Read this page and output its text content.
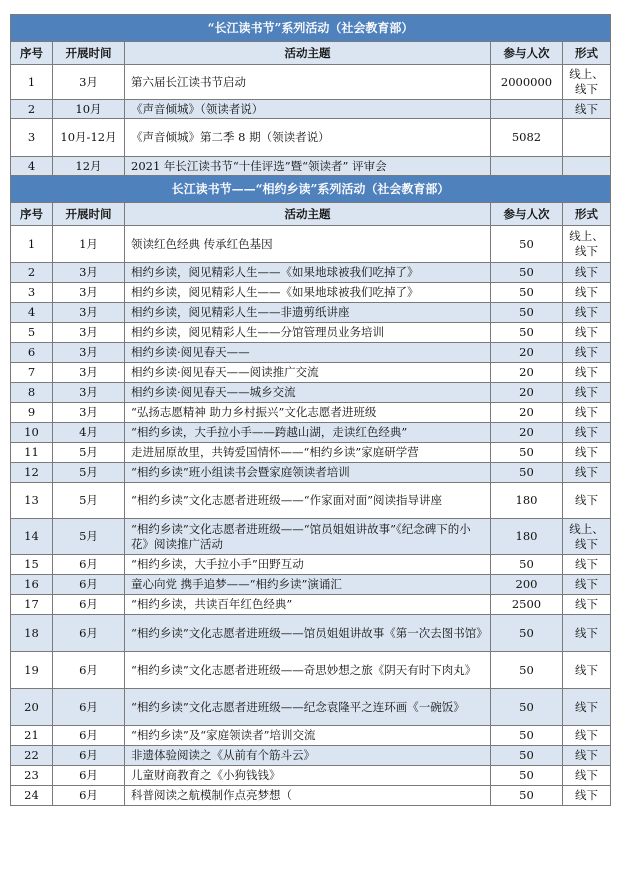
“长江读书节”系列活动（社会教育部）				
序号	开展时间	活动主题	参与人次	形式
1	3月	第六届长江读书节启动	2000000	线上、线下
2	10月	《声音倾城》（领读者说）		线下
3	10月-12月	《声音倾城》第二季 8 期（领读者说）	5082	
4	12月	2021 年长江读书节“十佳评选”暨“领读者” 评审会		
长江读书节——“相约乡读”系列活动（社会教育部）				
序号	开展时间	活动主题	参与人次	形式
1	1月	领读红色经典 传承红色基因	50	线上、线下
2	3月	相约乡读，阅见精彩人生——《如果地球被我们吃掉了》	50	线下
3	3月	相约乡读，阅见精彩人生——《如果地球被我们吃掉了》	50	线下
4	3月	相约乡读，阅见精彩人生——非遗剪纸讲座	50	线下
5	3月	相约乡读，阅见精彩人生——分馆管理员业务培训	50	线下
6	3月	相约乡读·阅见春天——	20	线下
7	3月	相约乡读·阅见春天——阅读推广交流	20	线下
8	3月	相约乡读·阅见春天——城乡交流	20	线下
9	3月	“弘扬志愿精神 助力乡村振兴”文化志愿者进班级	20	线下
10	4月	“相约乡读，大手拉小手——跨越山湖，走读红色经典”	20	线下
11	5月	走进屈原故里，共铸爱国情怀——“相约乡读”家庭研学营	50	线下
12	5月	“相约乡读”班小组读书会暨家庭领读者培训	50	线下
13	5月	“相约乡读”文化志愿者进班级——“作家面对面”阅读指导讲座	180	线下
14	5月	“相约乡读”文化志愿者进班级——“馆员姐姐讲故事”《纪念碑下的小花》阅读推广活动	180	线上、线下
15	6月	“相约乡读，大手拉小手”田野互动	50	线下
16	6月	童心向党 携手追梦——“相约乡读”演诵汇	200	线下
17	6月	“相约乡读，共读百年红色经典”	2500	线下
18	6月	“相约乡读”文化志愿者进班级——馆员姐姐讲故事《第一次去图书馆》	50	线下
19	6月	“相约乡读”文化志愿者进班级——奇思妙想之旅《阴天有时下肉丸》	50	线下
20	6月	“相约乡读”文化志愿者进班级——纪念袁隆平之连环画《一碗饭》	50	线下
21	6月	“相约乡读”及“家庭领读者”培训交流	50	线下
22	6月	非遗体验阅读之《从前有个筋斗云》	50	线下
23	6月	儿童财商教育之《小狗钱钱》	50	线下
24	6月	科普阅读之航模制作点亮梦想（	50	线下
